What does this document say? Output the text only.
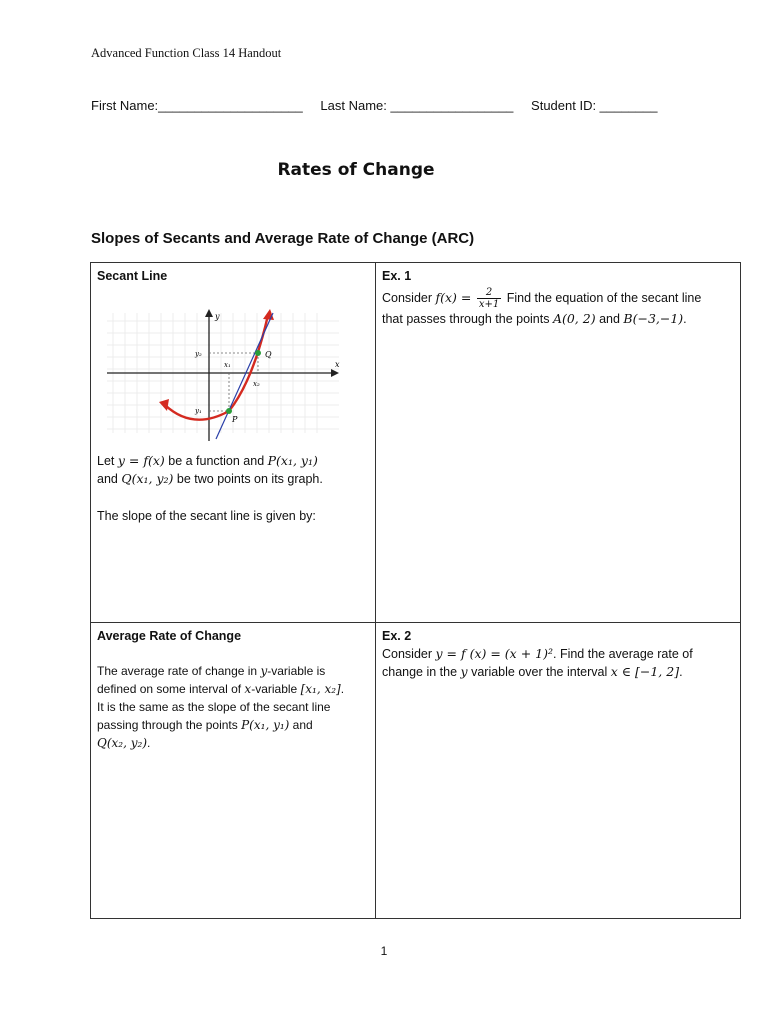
Advanced Function Class 14 Handout
First Name:____________________ Last Name: _________________ Student ID: ________
Rates of Change
Slopes of Secants and Average Rate of Change (ARC)
Secant Line
y
x
y₂
y₁
x₁
x₂
Q
P

Let y = f(x) be a function and P(x₁, y₁)

and Q(x₁, y₂) be two points on its graph.

The slope of the secant line is given by:

Ex. 1

Consider $f(x) = \frac{2}{x+1}$ Find the equation of the secant line

that passes through the points A(0, 2) and B(−3,−1).

Average Rate of Change

The average rate of change in y-variable is

defined on some interval of x-variable [x₁, x₂].

It is the same as the slope of the secant line

passing through the points P(x₁, y₁) and

Q(x₂, y₂).

Ex. 2

Consider y = f (x) = (x + 1)². Find the average rate of

change in the y variable over the interval x ∈ [−1, 2].

1
